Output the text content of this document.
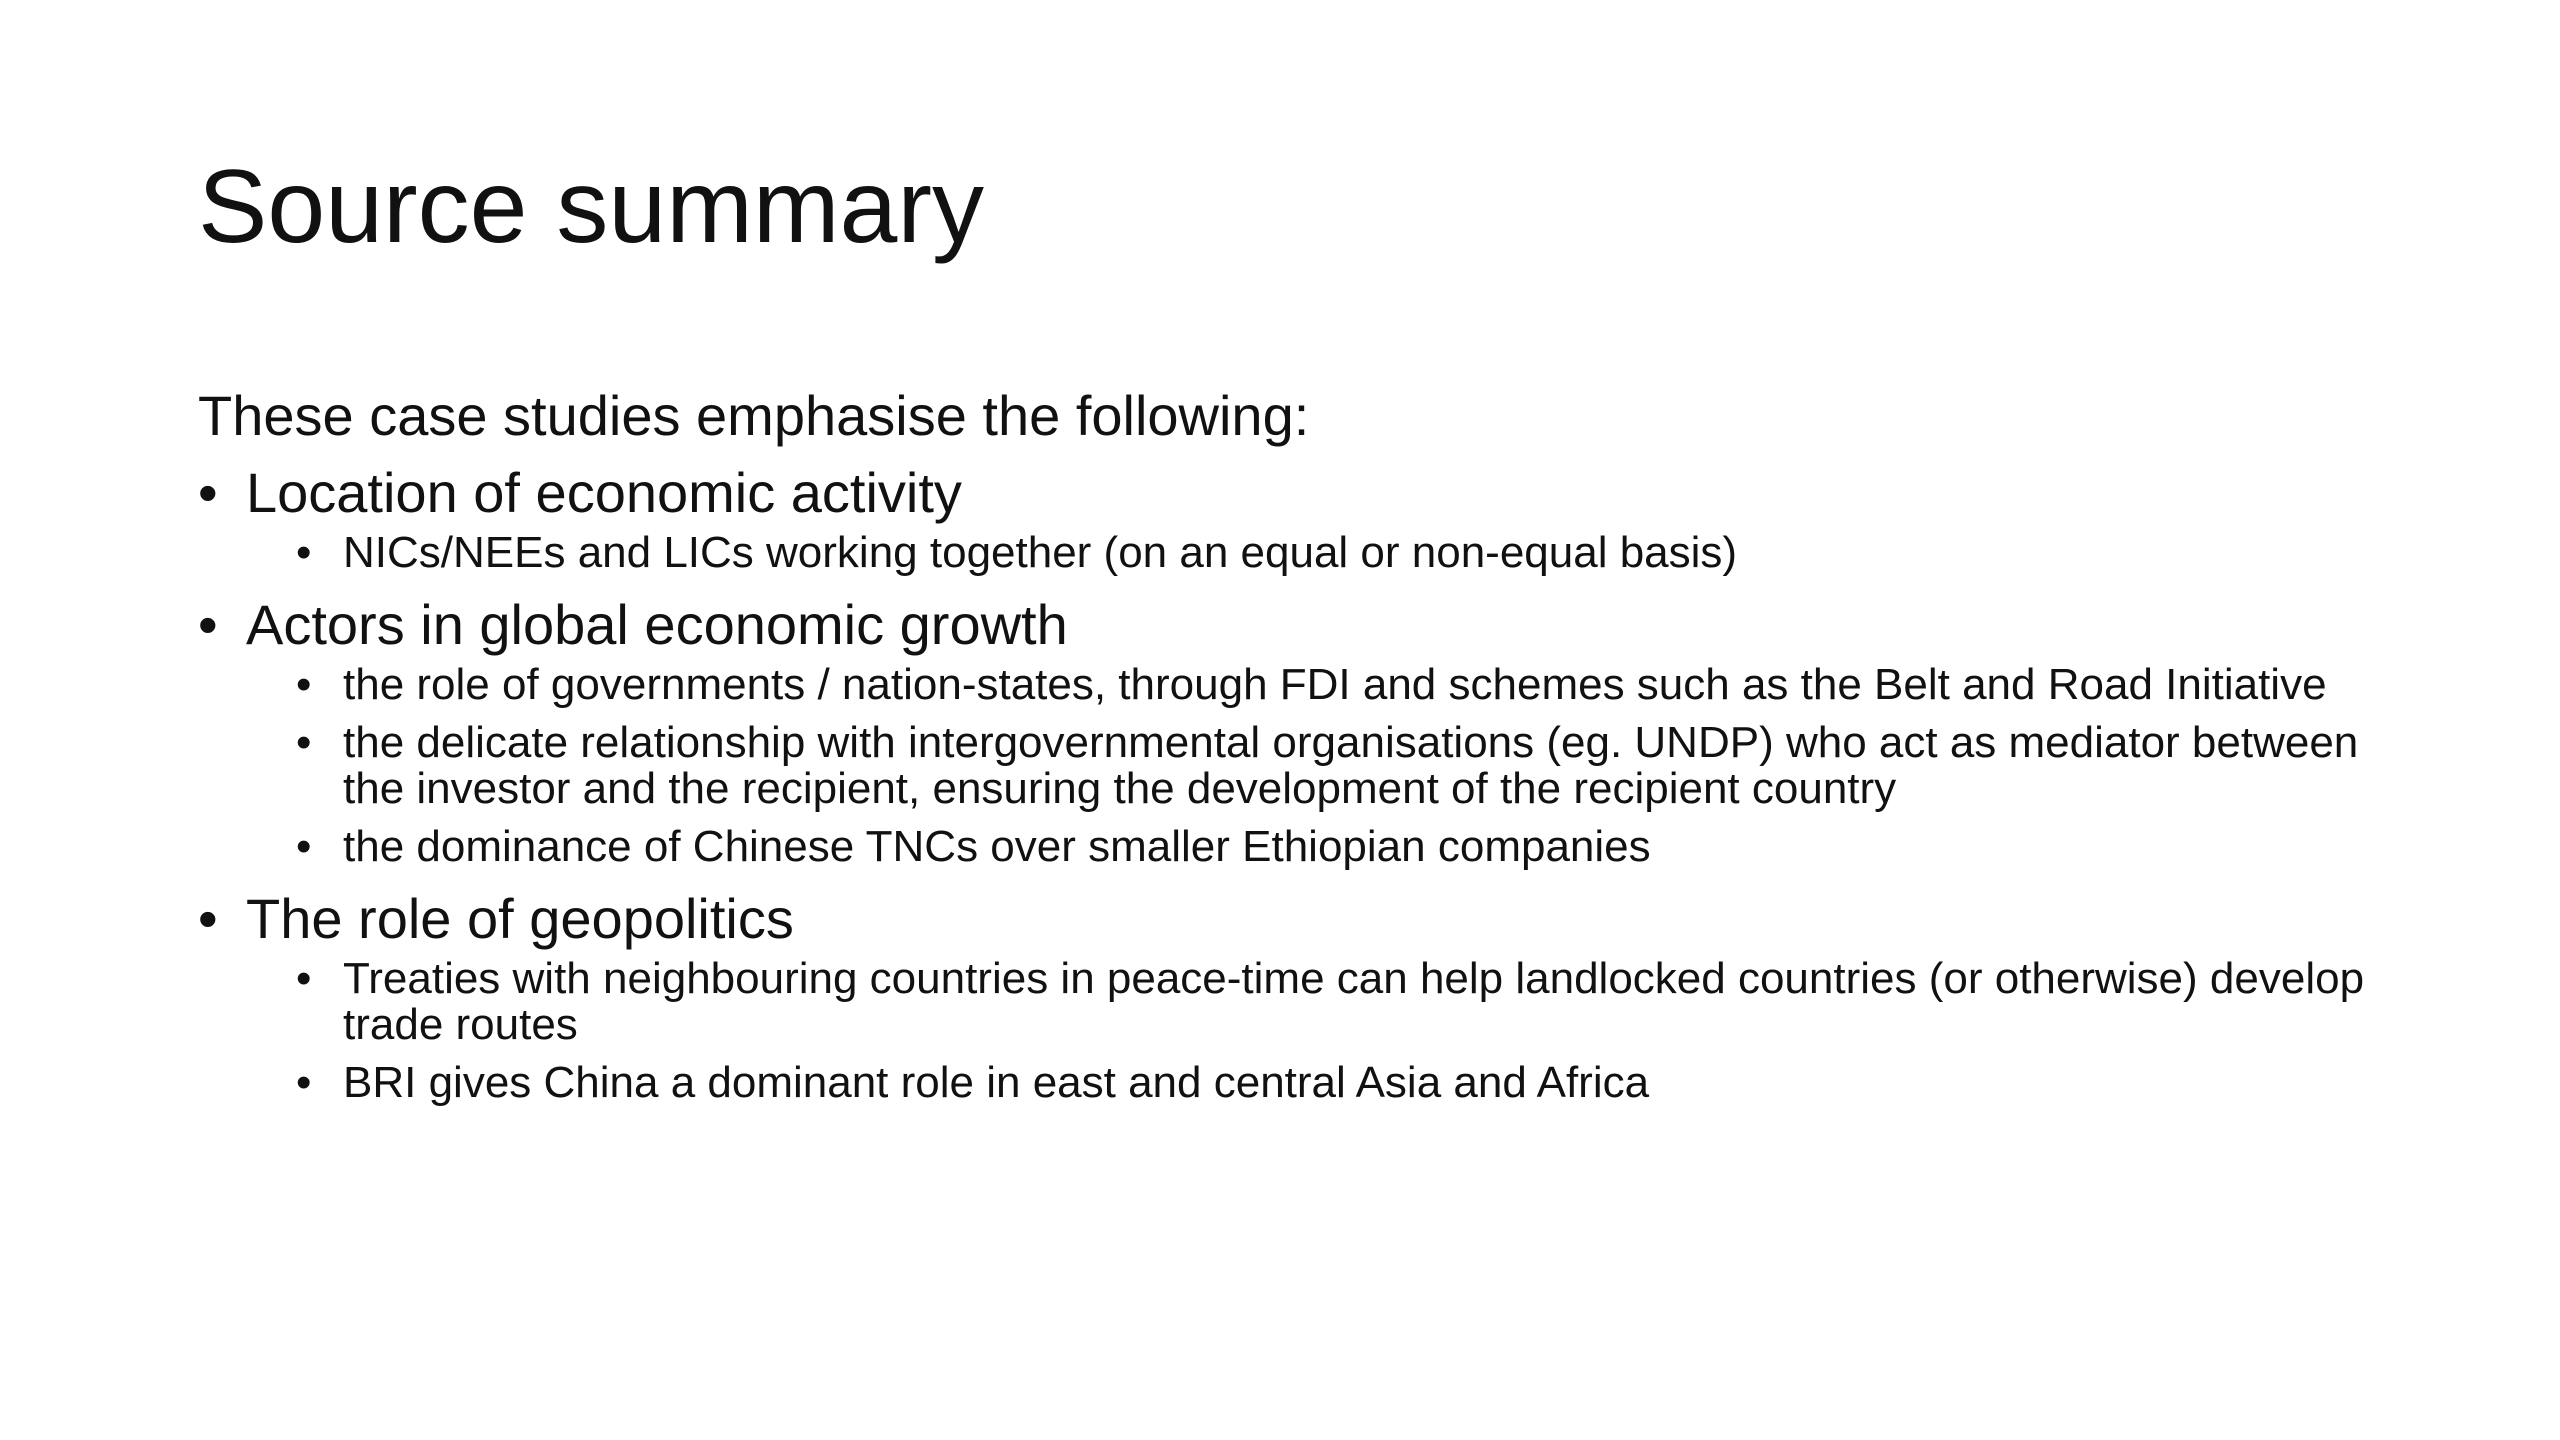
Source summary
These case studies emphasise the following:
• Location of economic activity
• NICs/NEEs and LICs working together (on an equal or non-equal basis)
• Actors in global economic growth
• the role of governments / nation-states, through FDI and schemes such as the Belt and Road Initiative
• the delicate relationship with intergovernmental organisations (eg. UNDP) who act as mediator between the investor and the recipient, ensuring the development of the recipient country
• the dominance of Chinese TNCs over smaller Ethiopian companies
• The role of geopolitics
• Treaties with neighbouring countries in peace-time can help landlocked countries (or otherwise) develop trade routes
• BRI gives China a dominant role in east and central Asia and Africa
